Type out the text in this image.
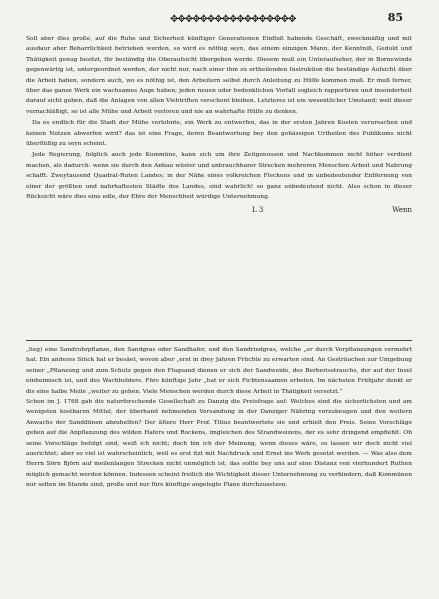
✥✥✥✥✥✥✥✥✥✥✥✥✥✥✥✥✥	85

Soll aber dies große, auf die Ruhe und Sicherheit künftiger Generationen Einfluß habende Geschäft, zweckmäßig und mit ausdaur aber Beharrlichkeit betrieben werden, so wird es nöthig seyn, das einem einzigen Mann, der Kenntniß, Geduld und Thätigkeit genug besitzt, für beständig die Oberaufsicht übergeben werde. Diesem muß ein Unteraufseher, der in Bornewinde gegenwärtig ist, untergeordnet werden, der nicht nur, nach einer ihm zu ertheilenden Instruktion die beständige Aufsicht über die Arbeit haben, sondern auch, wo es nöthig ist, den Arbeitern selbst durch Anleitung zu Hülfe kommen muß. Er muß ferner, über das ganze Werk ein wachsames Auge haben; jeden neuen oder bedenklichen Vorfall sogleich rapportiren und insonderheit darauf sicht geben, daß die Anlagen von allen Viehtriften verschont bleiben. Letzteres ist ein wesentlicher Umstand; weil dieser vernachläßigt, so ist alle Mühe und Arbeit verloren und nie an wahrhafte Hülfe zu denken.

Da es endlich für die Stadt der Mühe verlohnte, ein Werk zu entwerfen, das in der ersten Jahren Kosten verursachen und keinen Nutzen abwerfen wird? das ist eine Frage, deren Beantwortung bey den gehässigen Urtheilen des Publikums nicht überflüßig zu seyn scheint.

Jede Regierung, folglich auch jede Kommüne, kann sich um ihre Zeitgenossen und Nachkommen nicht höher verdient machen, als dadurch: wenn sie durch den Anbau wüster und unbrauchbarer Strecken mehreren Menschen Arbeit und Nahrung schafft. Zweytausend Quadrat-Ruten Landes; in der Nähe eines volkreichen Fleckens und in unbedeutender Entfernung von einer der größten und nahrhaftesten Städte des Landes, sind wahrlich! so ganz unbedeutend nicht. Also schon in dieser Rücksicht wäre dies eine edle, der Ehre der Menschheit würdige Unternehmung.

L 3	Wenn

„lieg) eine Sandrohrpflanze, den Sandgras oder Sandhafer, und den Sandriedgras, welche „er durch Verpflanzungen vermehrt hat. Ein anderes Stück hat er besäet, wovon aber „erst in drey Jahren Früchte zu erwarten sind. An Gesträuchen zur Umgebung seiner „Pflanzung und zum Schutz gegen den Flugsand dienen er sich der Sandweide, des Berberisstrauchs, der auf der Insel einheimisch ist, und des Wachholders. Fürs künftige Jahr „hat er sich Fichtensaamen erbeten. Im nächsten Frühjahr denkt er dis eine halbe Meile „weiter zu gehen. Viele Menschen werden durch diese Arbeit in Thätigkeit versetzt.“

Schon im J. 1768 gab die naturforschende Gesellschaft zu Danzig die Preisfrage auf: Welches sind die sicherlichsten und am wenigsten kostbaren Mittel, der überhand nehmenden Versandung in der Danziger Nähring vorzubeugen und den weitern Anwachs der Sanddünen abzuhelfen? Der ältere Herr Prof. Titius beantwortete sie und erhielt den Preis. Seine Vorschläge gehen auf die Anpflanzung des wilden Hafers und Rockens, imgleichen des Strandweizens, der es sehr dringend empfiehlt. Ob seine Vorschläge befolgt sind, weiß ich nicht; doch bin ich der Meinung, wenn dieses wäre, so lassen wir doch nicht viel ausrichtet; aber so viel ist wahrscheinlich, weil es erst itzt mit Nachdruck und Ernst ins Werk gesetzt werden. — Was also dem Herrn Sörn Björn auf meilenlangen Strecken nicht unmöglich ist, das sollte bey uns auf eine Distanz von vierhundert Ruthen möglich gemacht werden können. Indessen scheint freilich die Wichtigkeit dieser Unternehmung zu verhindern, daß Kommünen nur selten im Stande sind, große und nur fürs künftige angelegte Plane durchzusetzen.
